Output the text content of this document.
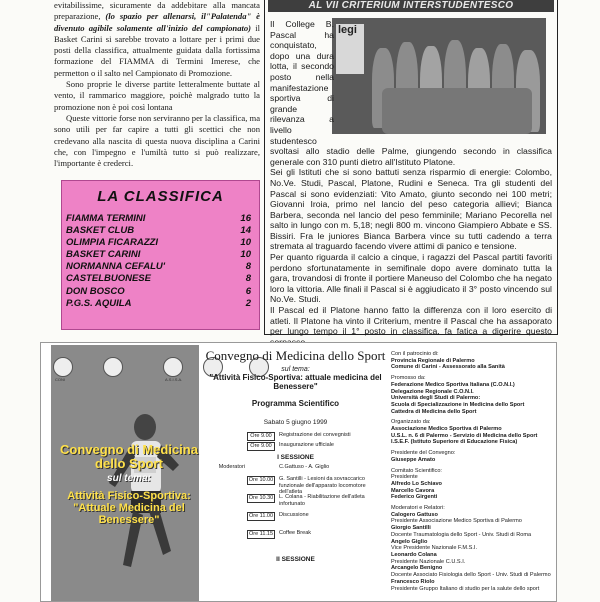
evitabilissime, sicuramente da addebitare alla mancata preparazione, (lo spazio per allenarsi, il"Palatenda" è divenuto agibile solamente all'inizio del campionato) il Basket Carini si sarebbe trovato a lottare per i primi due posti della classifica, attualmente guidata dalla fortissima formazione del FIAMMA di Termini Imerese, che permetton o il salto nel Campionato di Promozione.

Sono proprie le diverse partite letteralmente buttate al vento, il rammarico maggiore, poichè malgrado tutto la promozione non è poi così lontana

Queste vittorie forse non serviranno per la classifica, ma sono utili per far capire a tutti gli scettici che non credevano alla nascita di questa nuova disciplina a Carini che, con l'impegno e l'umiltà tutto si può realizzare, l'importante è crederci.

LA CLASSIFICA
FIAMMA TERMINI	16
BASKET CLUB	14
OLIMPIA FICARAZZI	10
BASKET CARINI	10
NORMANNA CEFALU'	8
CASTELBUONESE	8
DON BOSCO	6
P.G.S. AQUILA	2
AL VII CRITERIUM INTERSTUDENTESCO
legi

Il College B. Pascal ha conquistato, dopo una dura lotta, il secondo posto nella manifestazione sportiva di grande rilevanza a livello studentesco svoltasi allo stadio delle Palme, giungendo secondo in classifica generale con 310 punti dietro all'Istituto Platone.

Sei gli Istituti che si sono battuti senza risparmio di energie: Colombo, No.Ve. Studi, Pascal, Platone, Rudini e Seneca. Tra gli studenti del Pascal si sono evidenziati: Vito Amato, giunto secondo nei 100 metri; Giovanni Iroia, primo nel lancio del peso categoria allievi; Bianca Barbera, seconda nel lancio del peso femminile; Mariano Pecorella nel salto in lungo con m. 5,18; negli 800 m. vincono Giampiero Abbate e SS. Bissiri. Fra le juniores Bianca Barbera vince su tutti cadendo a terra stremata al traguardo facendo vivere attimi di panico e tensione.

Per quanto riguarda il calcio a cinque, i ragazzi del Pascal partiti favoriti perdono sfortunatamente in semifinale dopo avere dominato tutta la gara, trovandosi di fronte il portiere Maneuso del Colombo che ha negato loro la vittoria. Alle finali il Pascal si è aggiudicato il 3° posto vincendo sul No.Ve. Studi.

Il Pascal ed il Platone hanno fatto la differenza con il loro esercito di atleti. Il Platone ha vinto il Criterium, mentre il Pascal che ha assaporato per lungo tempo il 1° posto in classifica, fa fatica a digerire questo

CONI	A.S.I.S.A.
Convegno di Medicina dello Sport
sul tema:
Attività Fisico-Sportiva: "Attuale Medicina del Benessere"
Convegno di Medicina dello Sport
sul tema:
"Attività Fisico-Sportiva: attuale medicina del Benessere"
Programma Scientifico
Sabato 5 giugno 1999
Ore 9.00	Registrazione dei convegnisti
Ore 9.00	Inaugurazione ufficiale
I SESSIONE
Moderatori	C.Gattuso - A. Giglio
Ore 10.00	G. Santilli - Lesioni da sovraccarico funzionale dell'apparato locomotore dell'atleta
Ore 10.30	L. Colana - Riabilitazione dell'atleta infortunato
Ore 11.00	Discussione
Ore 11.15	Coffee Break
II SESSIONE
Con il patrocinio di:
Provincia Regionale di Palermo
Comune di Carini - Assessorato alla Sanità
Promosso da:
Federazione Medico Sportiva Italiana (C.O.N.I.)
Delegazione Regionale C.O.N.I.
Università degli Studi di Palermo:
Scuola di Specializzazione in Medicina dello Sport
Cattedra di Medicina dello Sport
Organizzato da:
Associazione Medico Sportiva di Palermo
U.S.L. n. 6 di Palermo - Servizio di Medicina dello Sport
I.S.E.F. (Istituto Superiore di Educazione Fisica)
Presidente del Convegno:
Giuseppe Amato
Comitato Scientifico:
Presidente
Alfredo Lo Schiavo
Marcello Cavora
Federico Girgenti
Moderatori e Relatori:
Calogero Gattuso
Presidente Associazione Medico Sportiva di Palermo
Giorgio Santilli
Docente Traumatologia dello Sport - Univ. Studi di Roma
Angelo Giglio
Vice Presidente Nazionale F.M.S.I.
Leonardo Colana
Presidente Nazionale C.U.S.I.
Arcangelo Benigno
Docente Associato Fisiologia dello Sport - Univ. Studi di Palermo
Francesco Riolo
Presidente Gruppo Italiano di studio per la salute dello sport
